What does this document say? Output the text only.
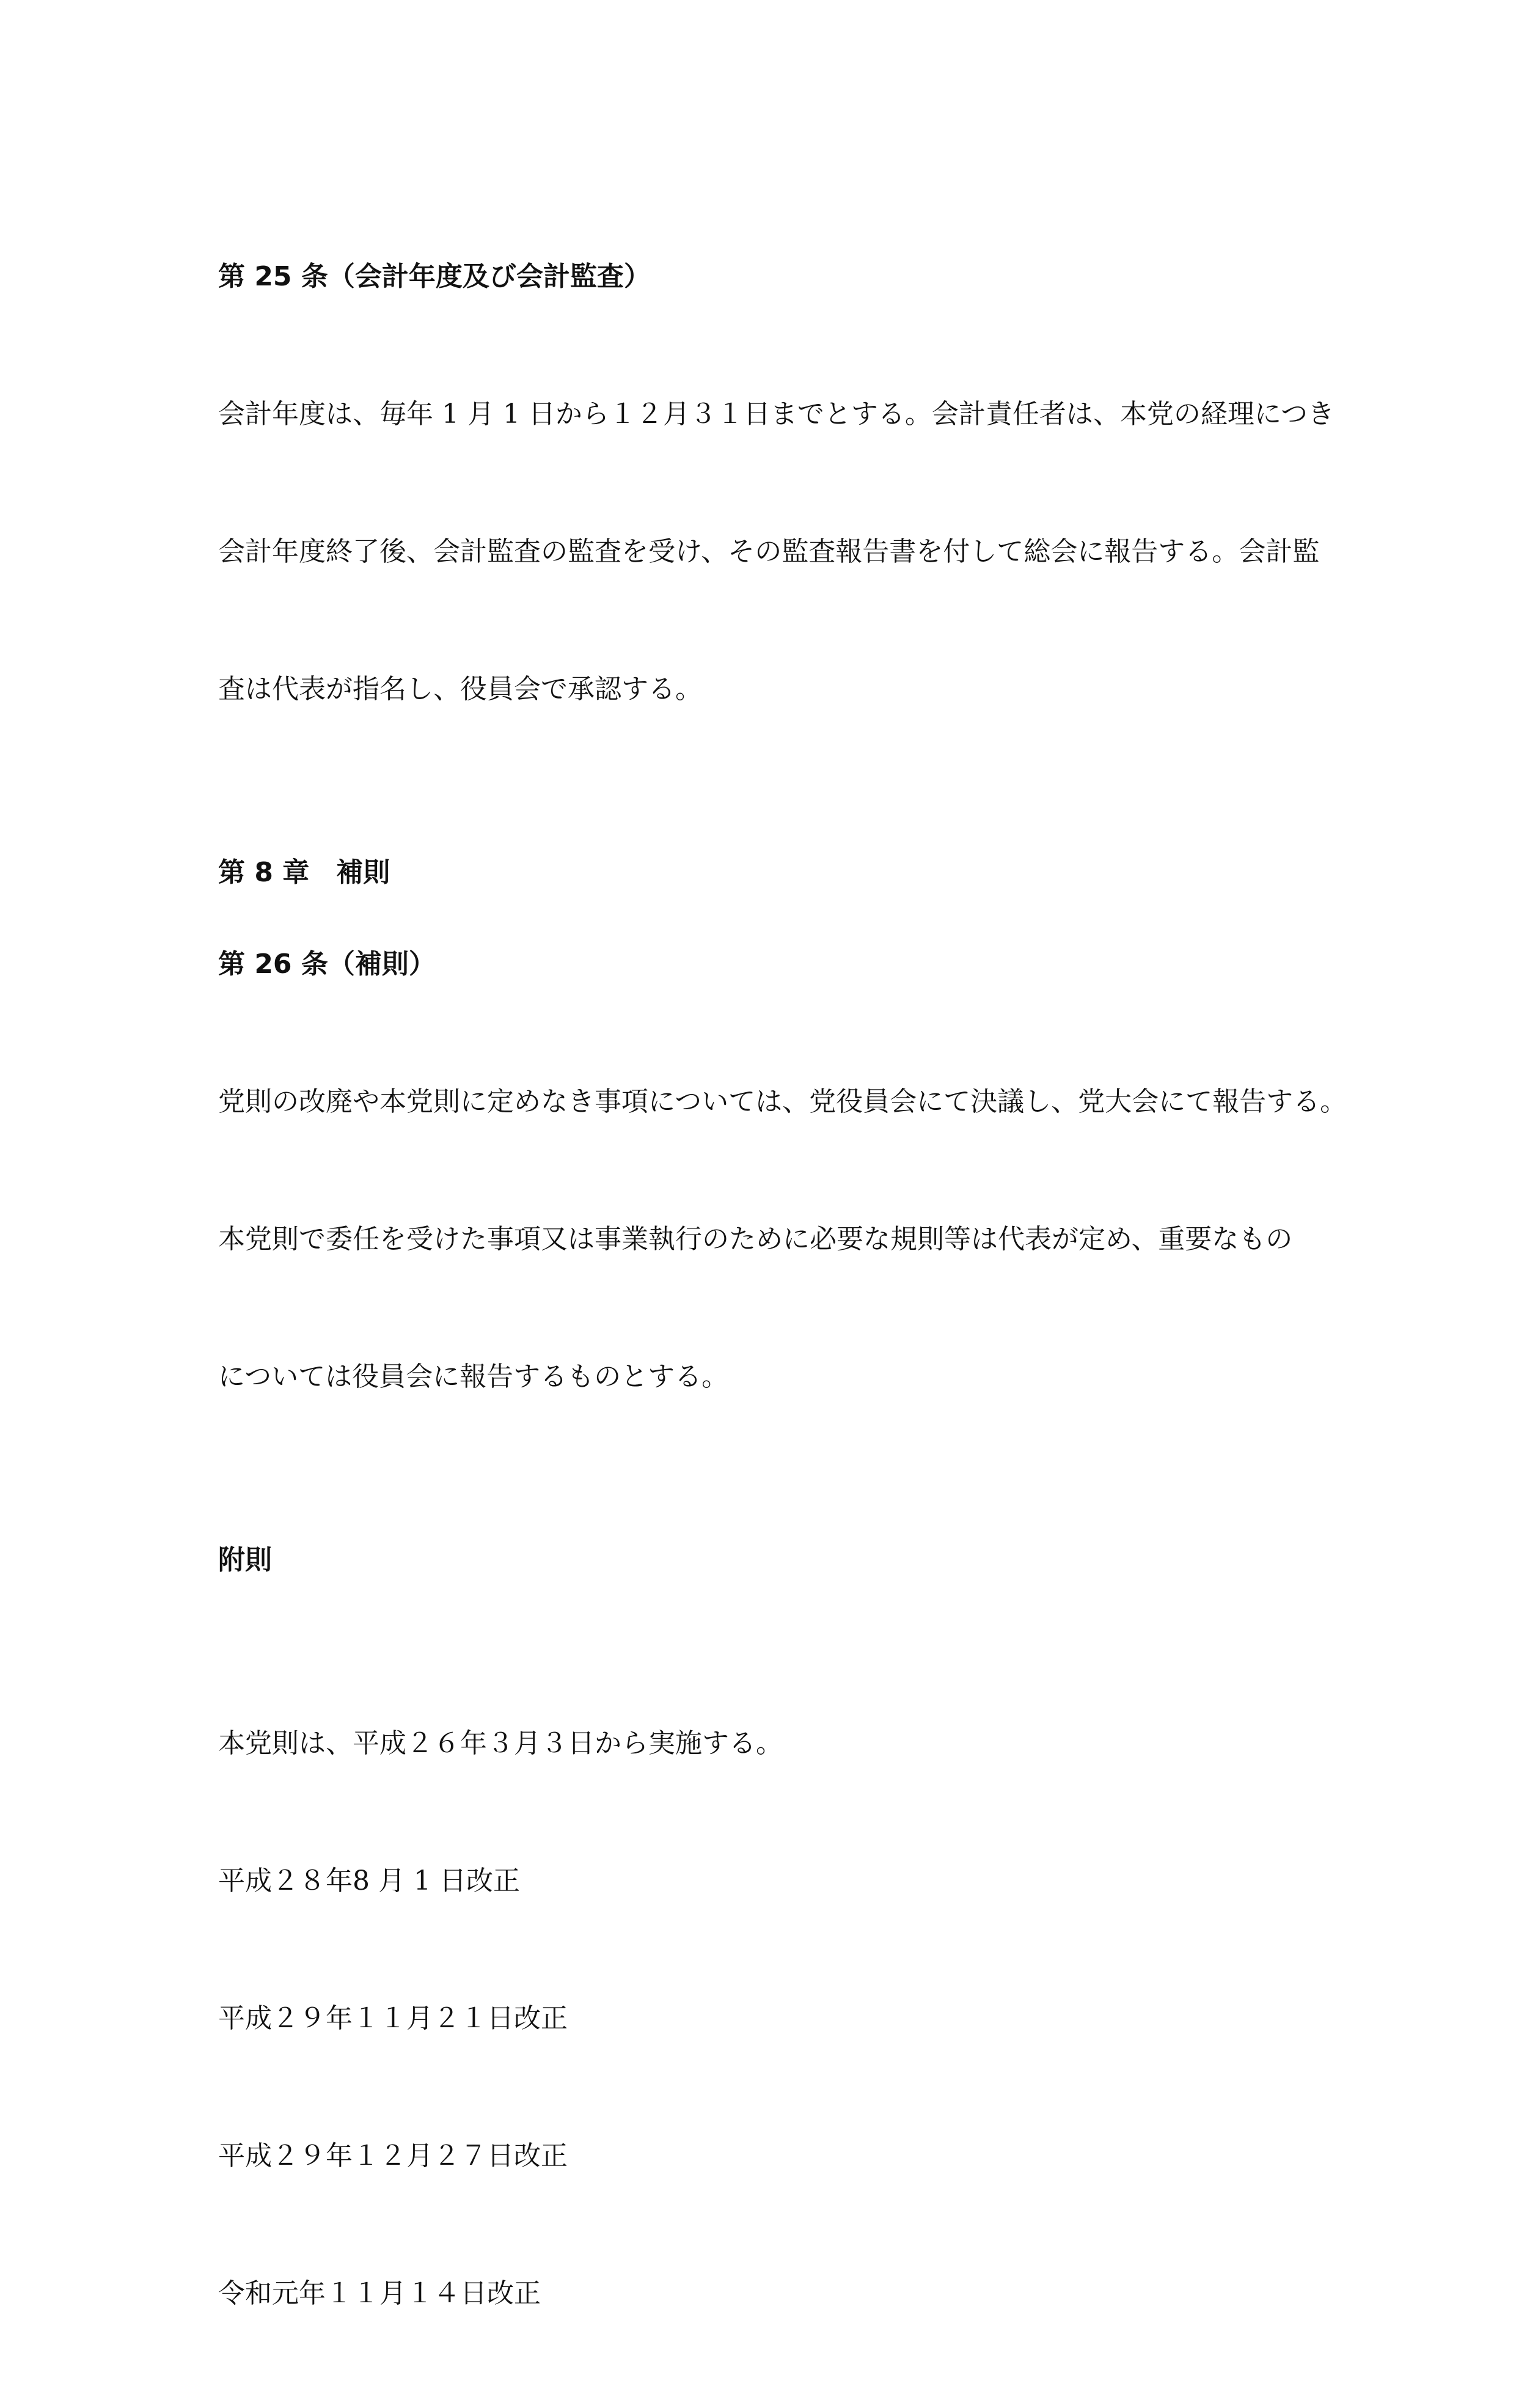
第 25 条（会計年度及び会計監査）

会計年度は、毎年 1 月 1 日から１２月３１日までとする。会計責任者は、本党の経理につき

会計年度終了後、会計監査の監査を受け、その監査報告書を付して総会に報告する。会計監

査は代表が指名し、役員会で承認する。

第 8 章　補則
第 26 条（補則）

党則の改廃や本党則に定めなき事項については、党役員会にて決議し、党大会にて報告する。

本党則で委任を受けた事項又は事業執行のために必要な規則等は代表が定め、重要なもの

については役員会に報告するものとする。

附則

本党則は、平成２６年３月３日から実施する。

平成２８年8 月 1 日改正

平成２９年１１月２１日改正

平成２９年１２月２７日改正

令和元年１１月１４日改正
